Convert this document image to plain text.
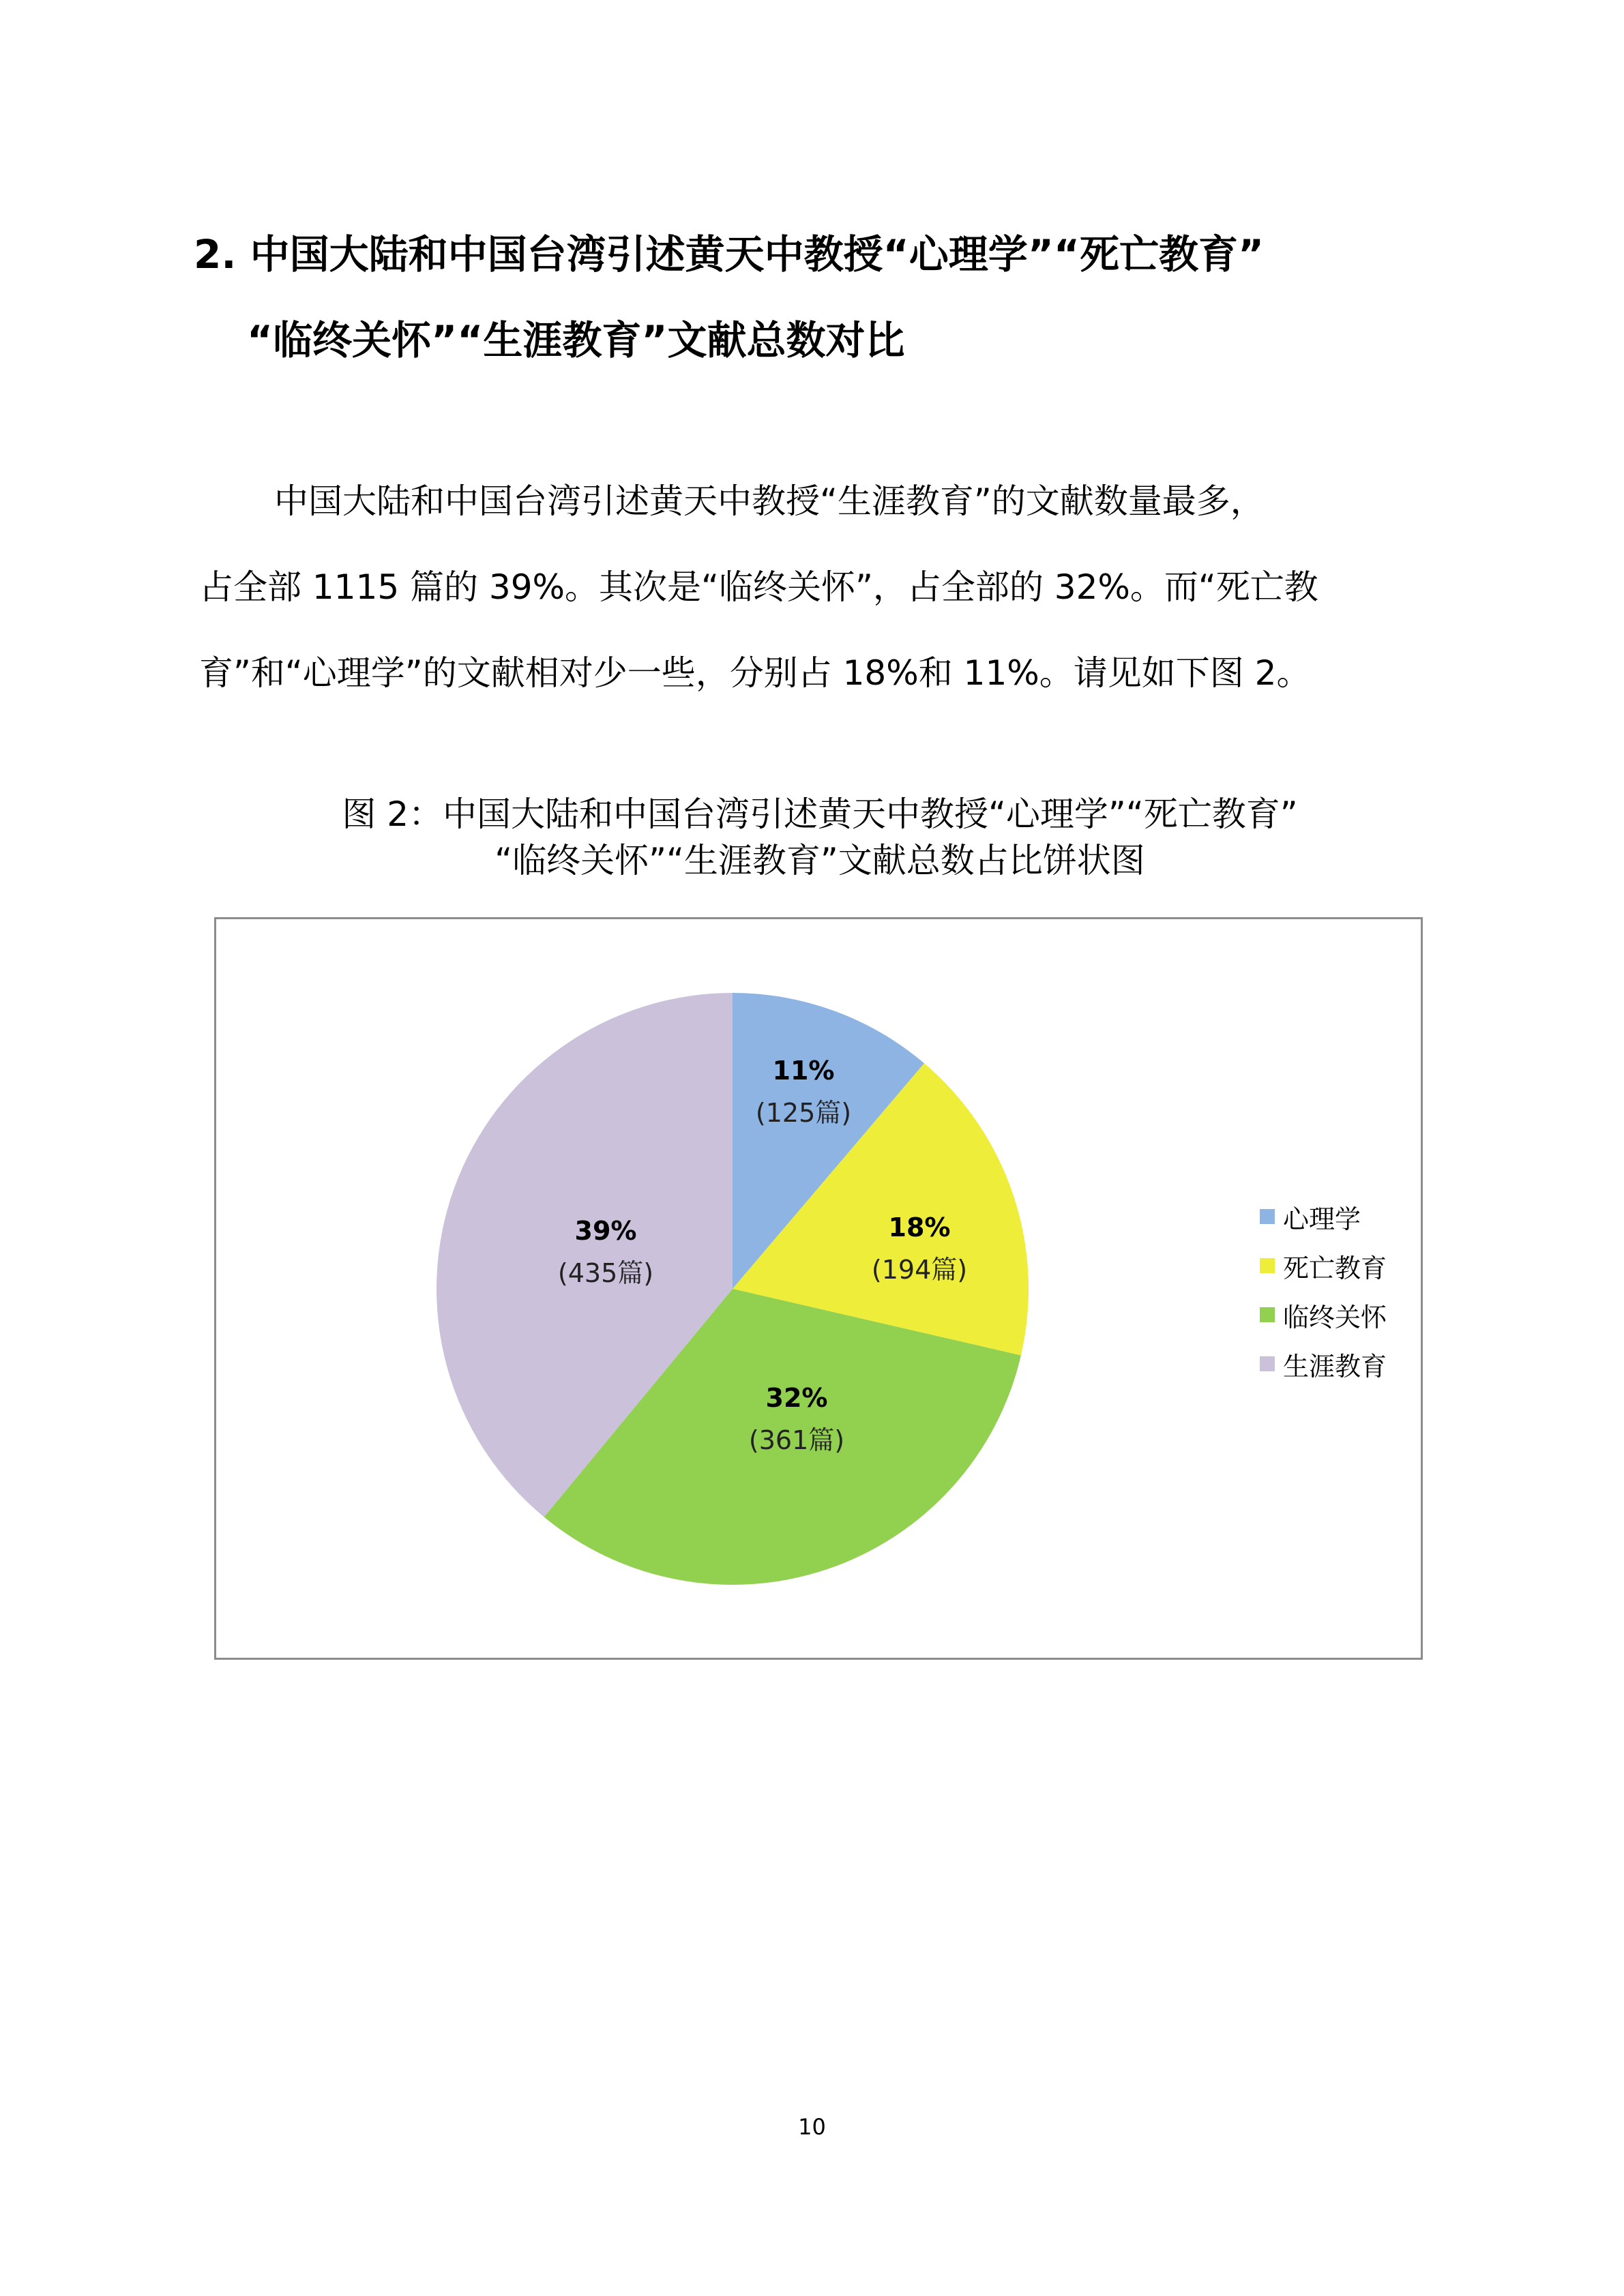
2. 中国大陆和中国台湾引述黄天中教授“心理学”“死亡教育”
“临终关怀”“生涯教育”文献总数对比
中国大陆和中国台湾引述黄天中教授“生涯教育”的文献数量最多，
占全部 1115 篇的 39%。其次是“临终关怀”，占全部的 32%。而“死亡教
育”和“心理学”的文献相对少一些，分别占 18%和 11%。请见如下图 2。
图 2：中国大陆和中国台湾引述黄天中教授“心理学”“死亡教育”
“临终关怀”“生涯教育”文献总数占比饼状图
11%
(125篇)
18%
(194篇)
32%
(361篇)
39%
(435篇)
心理学
死亡教育
临终关怀
生涯教育
10
